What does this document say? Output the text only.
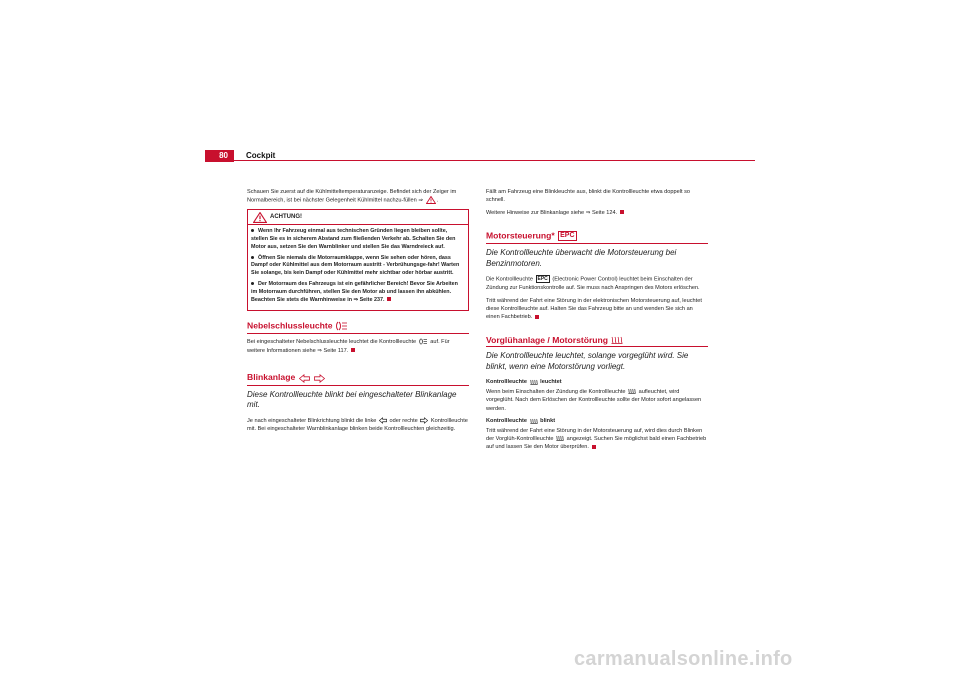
80	Cockpit

Schauen Sie zuerst auf die Kühlmitteltemperaturanzeige. Befindet sich der Zeiger im Normalbereich, ist bei nächster Gelegenheit Kühlmittel nachzu-füllen ⇒ .

ACHTUNG!

Wenn Ihr Fahrzeug einmal aus technischen Gründen liegen bleiben sollte, stellen Sie es in sicherem Abstand zum fließenden Verkehr ab. Schalten Sie den Motor aus, setzen Sie den Warnblinker und stellen Sie das Warndreieck auf.

Öffnen Sie niemals die Motorraumklappe, wenn Sie sehen oder hören, dass Dampf oder Kühlmittel aus dem Motorraum austritt - Verbrühungsge-fahr! Warten Sie solange, bis kein Dampf oder Kühlmittel mehr sichtbar oder hörbar austritt.

Der Motorraum des Fahrzeugs ist ein gefährlicher Bereich! Bevor Sie Arbeiten im Motorraum durchführen, stellen Sie den Motor ab und lassen ihn abkühlen. Beachten Sie stets die Warnhinweise in ⇒ Seite 237.

Nebelschlussleuchte

Bei eingeschalteter Nebelschlussleuchte leuchtet die Kontrollleuchte	auf. Für weitere Informationen siehe ⇒ Seite 117.

Blinkanlage
Diese Kontrollleuchte blinkt bei eingeschalteter Blinkanlage mit.

Je nach eingeschalteter Blinkrichtung blinkt die linke oder rechte Kontrollleuchte mit. Bei eingeschalteter Warnblinkanlage blinken beide Kontrollleuchten gleichzeitig.

Fällt am Fahrzeug eine Blinkleuchte aus, blinkt die Kontrollleuchte etwa doppelt so schnell.

Weitere Hinweise zur Blinkanlage siehe ⇒ Seite 124.

Motorsteuerung* EPC
Die Kontrollleuchte überwacht die Motorsteuerung bei Benzinmotoren.

Die Kontrollleuchte EPC (Electronic Power Control) leuchtet beim Einschalten der Zündung zur Funktionskontrolle auf. Sie muss nach Anspringen des Motors erlöschen.

Tritt während der Fahrt eine Störung in der elektronischen Motorsteuerung auf, leuchtet diese Kontrollleuchte auf. Halten Sie das Fahrzeug bitte an und wenden Sie sich an einen Fachbetrieb.

Vorglühanlage / Motorstörung
Die Kontrollleuchte leuchtet, solange vorgeglüht wird. Sie blinkt, wenn eine Motorstörung vorliegt.

Kontrollleuchte leuchtet

Wenn beim Einschalten der Zündung die Kontrollleuchte aufleuchtet, wird vorgeglüht. Nach dem Erlöschen der Kontrollleuchte sollte der Motor sofort angelassen werden.

Kontrollleuchte blinkt

Tritt während der Fahrt eine Störung in der Motorsteuerung auf, wird dies durch Blinken der Vorglüh-Kontrollleuchte angezeigt. Suchen Sie möglichst bald einen Fachbetrieb auf und lassen Sie den Motor überprüfen.

carmanualsonline.info
